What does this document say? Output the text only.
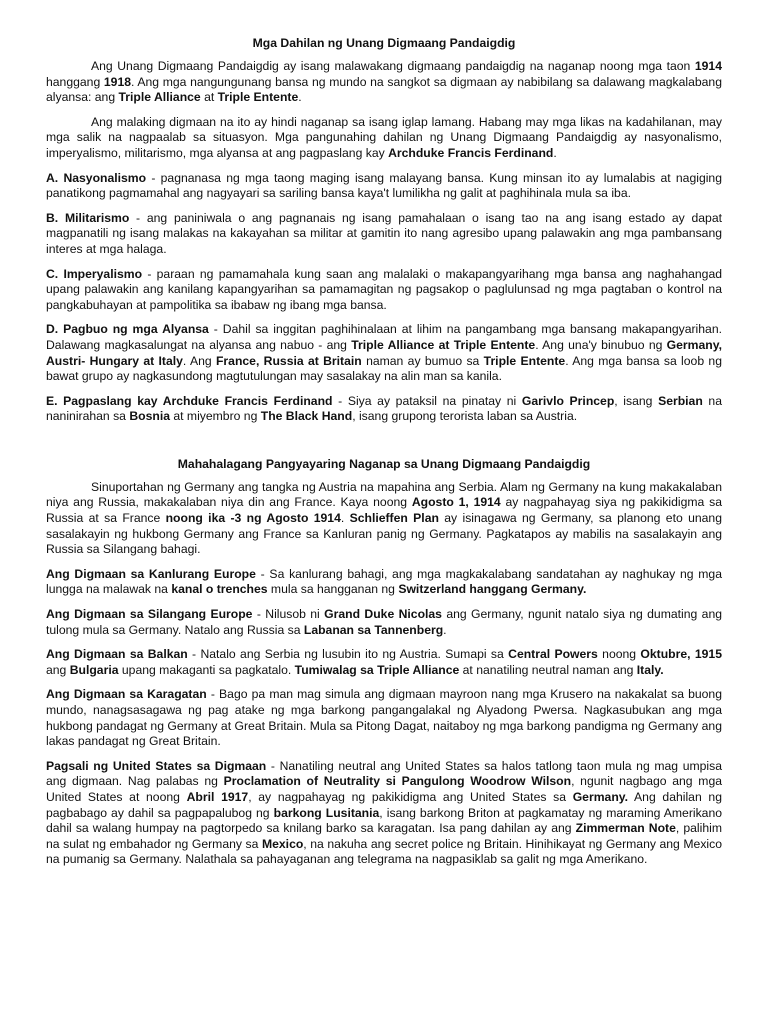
Mga Dahilan ng Unang Digmaang Pandaigdig

Ang Unang Digmaang Pandaigdig ay isang malawakang digmaang pandaigdig na naganap noong mga taon 1914 hanggang 1918. Ang mga nangungunang bansa ng mundo na sangkot sa digmaan ay nabibilang sa dalawang magkalabang alyansa: ang Triple Alliance at Triple Entente.

Ang malaking digmaan na ito ay hindi naganap sa isang iglap lamang. Habang may mga likas na kadahilanan, may mga salik na nagpaalab sa situasyon. Mga pangunahing dahilan ng Unang Digmaang Pandaigdig ay nasyonalismo, imperyalismo, militarismo, mga alyansa at ang pagpaslang kay Archduke Francis Ferdinand.

A. Nasyonalismo - pagnanasa ng mga taong maging isang malayang bansa. Kung minsan ito ay lumalabis at nagiging panatikong pagmamahal ang nagyayari sa sariling bansa kaya't lumilikha ng galit at paghihinala mula sa iba.

B. Militarismo - ang paniniwala o ang pagnanais ng isang pamahalaan o isang tao na ang isang estado ay dapat magpanatili ng isang malakas na kakayahan sa militar at gamitin ito nang agresibo upang palawakin ang mga pambansang interes at mga halaga.

C. Imperyalismo - paraan ng pamamahala kung saan ang malalaki o makapangyarihang mga bansa ang naghahangad upang palawakin ang kanilang kapangyarihan sa pamamagitan ng pagsakop o paglulunsad ng mga pagtaban o kontrol na pangkabuhayan at pampolitika sa ibabaw ng ibang mga bansa.

D. Pagbuo ng mga Alyansa - Dahil sa inggitan paghihinalaan at lihim na pangambang mga bansang makapangyarihan. Dalawang magkasalungat na alyansa ang nabuo - ang Triple Alliance at Triple Entente. Ang una'y binubuo ng Germany, Austri- Hungary at Italy. Ang France, Russia at Britain naman ay bumuo sa Triple Entente. Ang mga bansa sa loob ng bawat grupo ay nagkasundong magtutulungan may sasalakay na alin man sa kanila.

E. Pagpaslang kay Archduke Francis Ferdinand - Siya ay pataksil na pinatay ni Garivlo Princep, isang Serbian na naninirahan sa Bosnia at miyembro ng The Black Hand, isang grupong terorista laban sa Austria.

Mahahalagang Pangyayaring Naganap sa Unang Digmaang Pandaigdig

Sinuportahan ng Germany ang tangka ng Austria na mapahina ang Serbia. Alam ng Germany na kung makakalaban niya ang Russia, makakalaban niya din ang France. Kaya noong Agosto 1, 1914 ay nagpahayag siya ng pakikidigma sa Russia at sa France noong ika -3 ng Agosto 1914. Schlieffen Plan ay isinagawa ng Germany, sa planong eto unang sasalakayin ng hukbong Germany ang France sa Kanluran panig ng Germany. Pagkatapos ay mabilis na sasalakayin ang Russia sa Silangang bahagi.

Ang Digmaan sa Kanlurang Europe - Sa kanlurang bahagi, ang mga magkakalabang sandatahan ay naghukay ng mga lungga na malawak na kanal o trenches mula sa hangganan ng Switzerland hanggang Germany.

Ang Digmaan sa Silangang Europe - Nilusob ni Grand Duke Nicolas ang Germany, ngunit natalo siya ng dumating ang tulong mula sa Germany. Natalo ang Russia sa Labanan sa Tannenberg.

Ang Digmaan sa Balkan - Natalo ang Serbia ng lusubin ito ng Austria. Sumapi sa Central Powers noong Oktubre, 1915 ang Bulgaria upang makaganti sa pagkatalo. Tumiwalag sa Triple Alliance at nanatiling neutral naman ang Italy.

Ang Digmaan sa Karagatan - Bago pa man mag simula ang digmaan mayroon nang mga Krusero na nakakalat sa buong mundo, nanagsasagawa ng pag atake ng mga barkong pangangalakal ng Alyadong Pwersa. Nagkasubukan ang mga hukbong pandagat ng Germany at Great Britain. Mula sa Pitong Dagat, naitaboy ng mga barkong pandigma ng Germany ang lakas pandagat ng Great Britain.

Pagsali ng United States sa Digmaan - Nanatiling neutral ang United States sa halos tatlong taon mula ng mag umpisa ang digmaan. Nag palabas ng Proclamation of Neutrality si Pangulong Woodrow Wilson, ngunit nagbago ang mga United States at noong Abril 1917, ay nagpahayag ng pakikidigma ang United States sa Germany. Ang dahilan ng pagbabago ay dahil sa pagpapalubog ng barkong Lusitania, isang barkong Briton at pagkamatay ng maraming Amerikano dahil sa walang humpay na pagtorpedo sa knilang barko sa karagatan. Isa pang dahilan ay ang Zimmerman Note, palihim na sulat ng embahador ng Germany sa Mexico, na nakuha ang secret police ng Britain. Hinihikayat ng Germany ang Mexico na pumanig sa Germany. Nalathala sa pahayaganan ang telegrama na nagpasiklab sa galit ng mga Amerikano.
